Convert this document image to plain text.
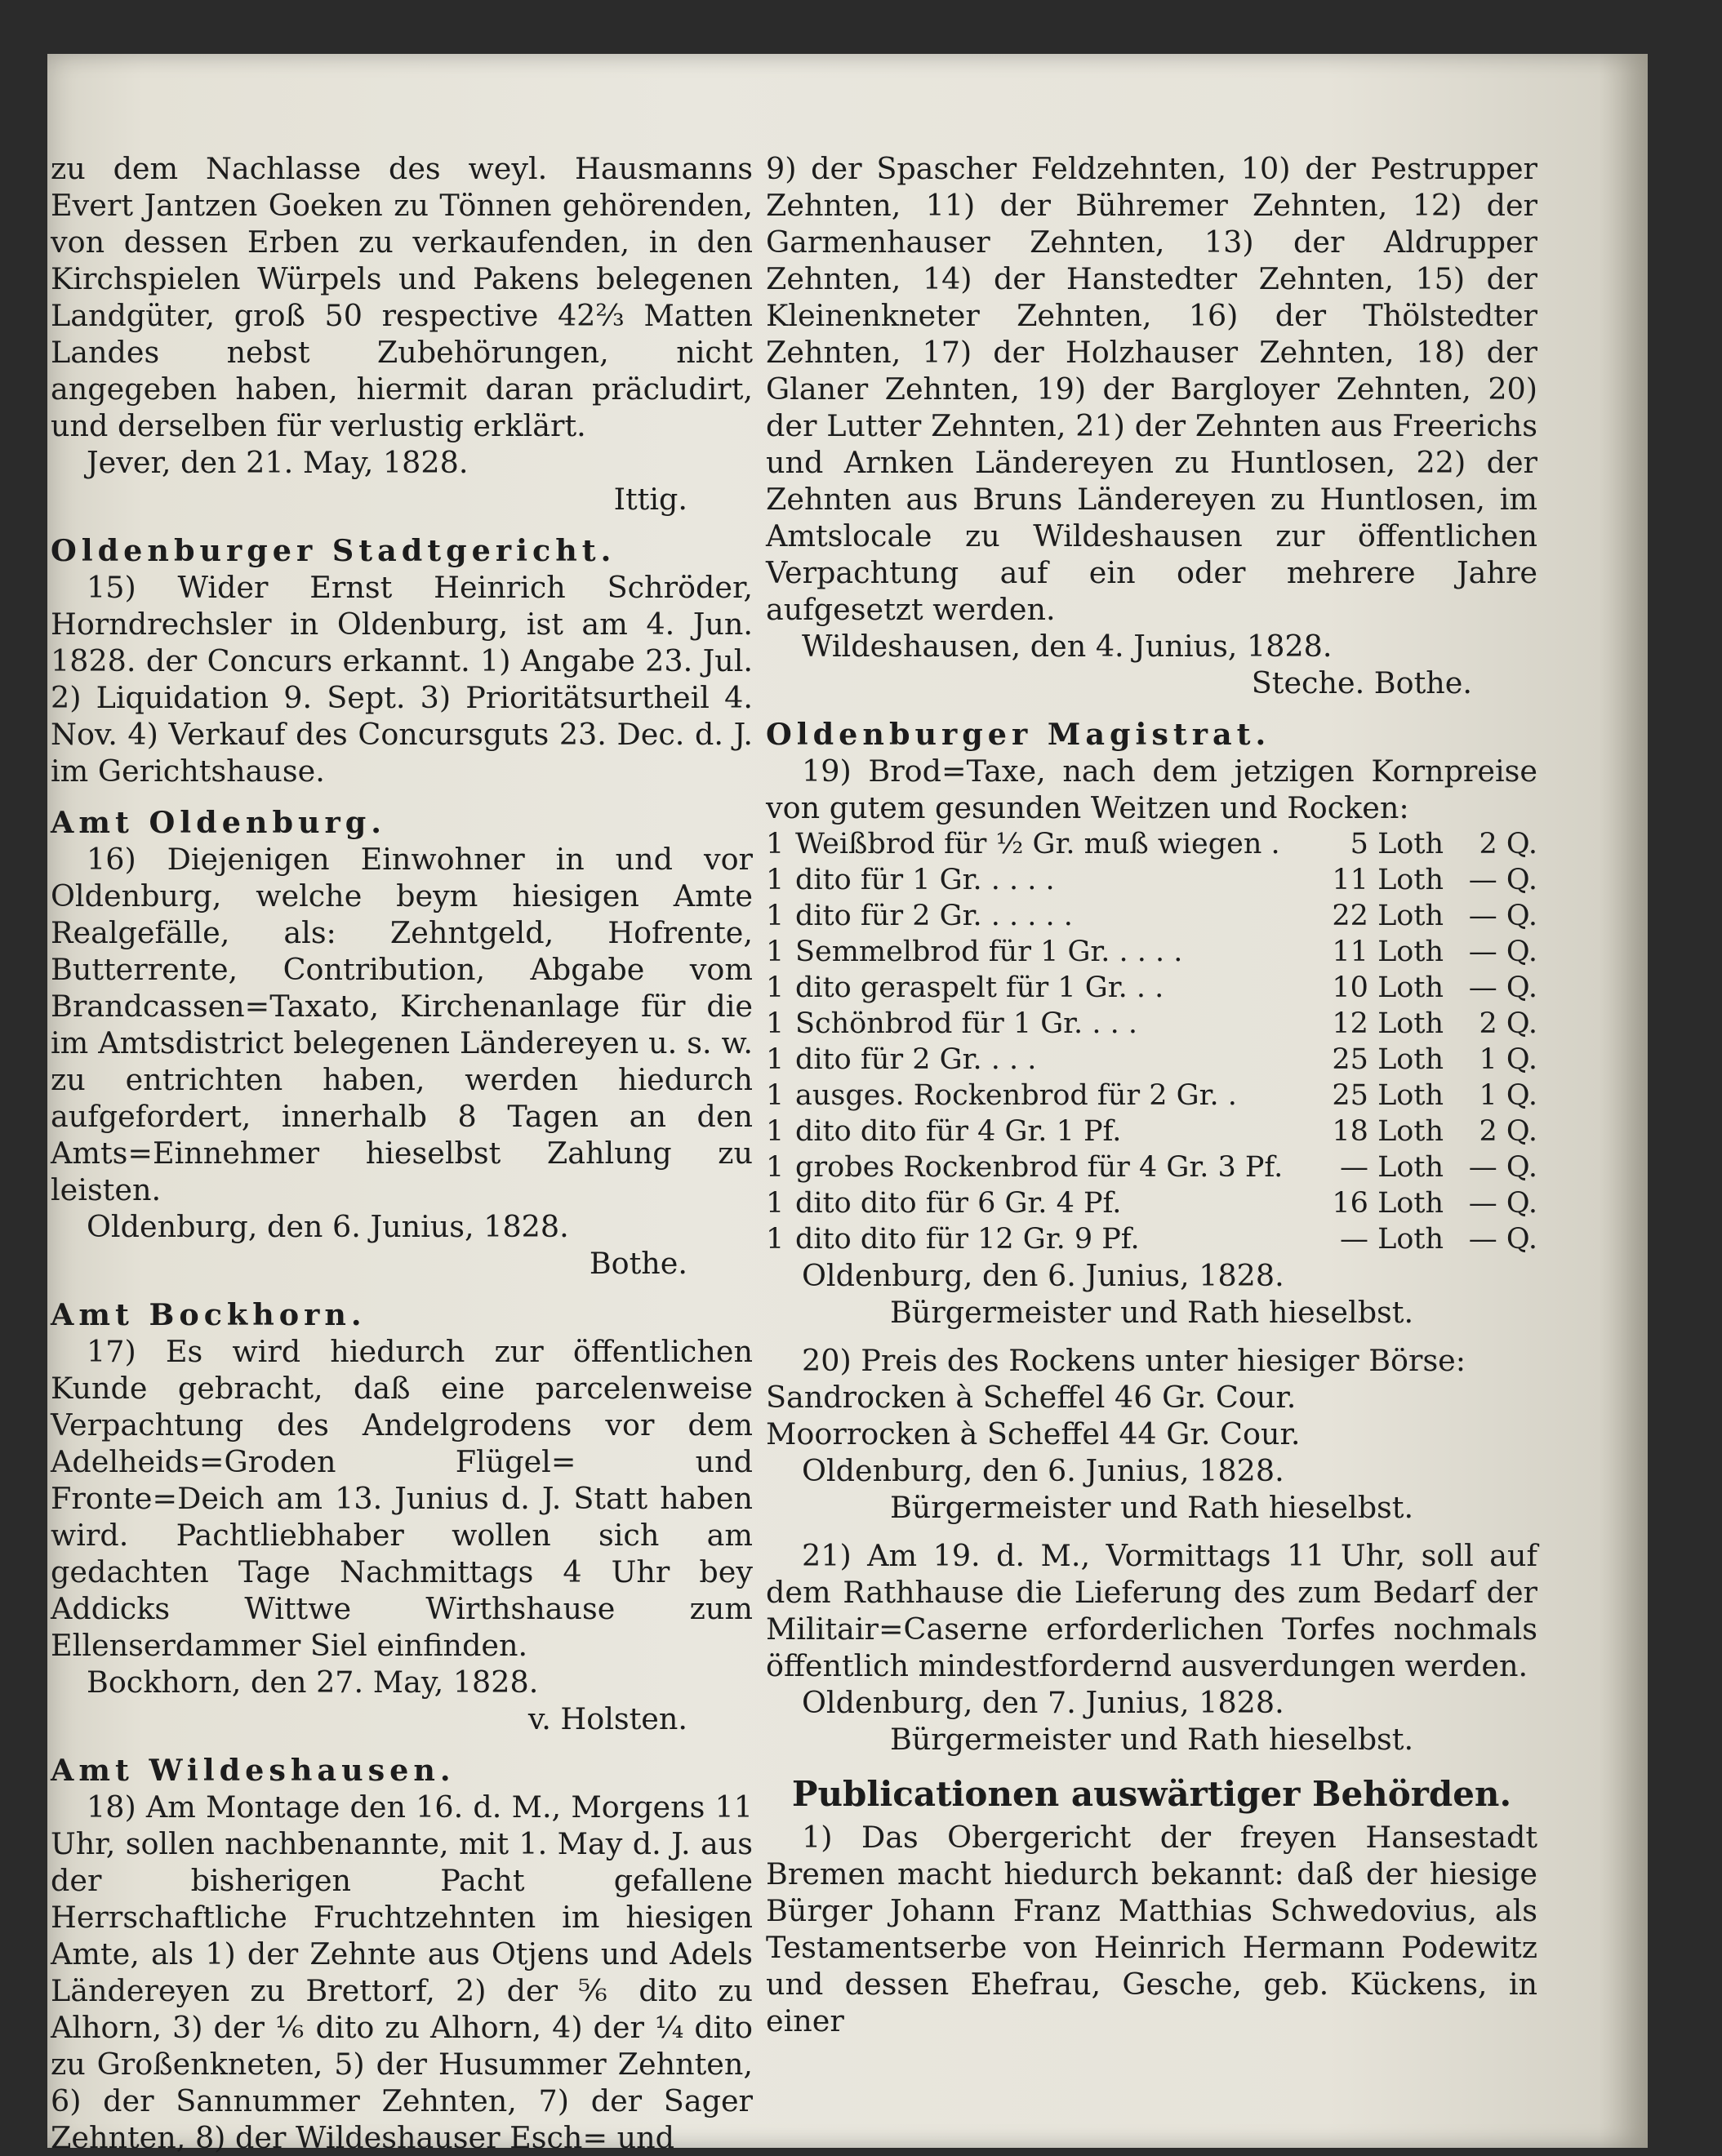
zu dem Nachlasse des weyl. Hausmanns Evert Jantzen Goeken zu Tönnen gehörenden, von dessen Erben zu verkaufenden, in den Kirchspielen Würpels und Pakens belegenen Landgüter, groß 50 respective 42⅔ Matten Landes nebst Zubehörungen, nicht angegeben haben, hiermit daran präcludirt, und derselben für verlustig erklärt.
Jever, den 21. May, 1828.
Ittig.
Oldenburger Stadtgericht.
15) Wider Ernst Heinrich Schröder, Horndrechsler in Oldenburg, ist am 4. Jun. 1828. der Concurs erkannt. 1) Angabe 23. Jul. 2) Liquidation 9. Sept. 3) Prioritätsurtheil 4. Nov. 4) Verkauf des Concursguts 23. Dec. d. J. im Gerichtshause.
Amt Oldenburg.
16) Diejenigen Einwohner in und vor Oldenburg, welche beym hiesigen Amte Realgefälle, als: Zehntgeld, Hofrente, Butterrente, Contribution, Abgabe vom Brandcassen=Taxato, Kirchenanlage für die im Amtsdistrict belegenen Ländereyen u. s. w. zu entrichten haben, werden hiedurch aufgefordert, innerhalb 8 Tagen an den Amts=Einnehmer hieselbst Zahlung zu leisten.
Oldenburg, den 6. Junius, 1828.
Bothe.
Amt Bockhorn.
17) Es wird hiedurch zur öffentlichen Kunde gebracht, daß eine parcelenweise Verpachtung des Andelgrodens vor dem Adelheids=Groden Flügel= und Fronte=Deich am 13. Junius d. J. Statt haben wird. Pachtliebhaber wollen sich am gedachten Tage Nachmittags 4 Uhr bey Addicks Wittwe Wirthshause zum Ellenserdammer Siel einfinden.
Bockhorn, den 27. May, 1828.
v. Holsten.
Amt Wildeshausen.
18) Am Montage den 16. d. M., Morgens 11 Uhr, sollen nachbenannte, mit 1. May d. J. aus der bisherigen Pacht gefallene Herrschaftliche Fruchtzehnten im hiesigen Amte, als 1) der Zehnte aus Otjens und Adels Ländereyen zu Brettorf, 2) der ⅚ dito zu Alhorn, 3) der ⅙ dito zu Alhorn, 4) der ¼ dito zu Großenkneten, 5) der Husummer Zehnten, 6) der Sannummer Zehnten, 7) der Sager Zehnten, 8) der Wildeshauser Esch= und
9) der Spascher Feldzehnten, 10) der Pestrupper Zehnten, 11) der Bühremer Zehnten, 12) der Garmenhauser Zehnten, 13) der Aldrupper Zehnten, 14) der Hanstedter Zehnten, 15) der Kleinenkneter Zehnten, 16) der Thölstedter Zehnten, 17) der Holzhauser Zehnten, 18) der Glaner Zehnten, 19) der Bargloyer Zehnten, 20) der Lutter Zehnten, 21) der Zehnten aus Freerichs und Arnken Ländereyen zu Huntlosen, 22) der Zehnten aus Bruns Ländereyen zu Huntlosen, im Amtslocale zu Wildeshausen zur öffentlichen Verpachtung auf ein oder mehrere Jahre aufgesetzt werden.
Wildeshausen, den 4. Junius, 1828.
Steche. Bothe.
Oldenburger Magistrat.
19) Brod=Taxe, nach dem jetzigen Kornpreise von gutem gesunden Weitzen und Rocken:
1 Weißbrod für ½ Gr. muß wiegen .	5 Loth	2 Q.
1 dito für 1 Gr. . . . .	11 Loth — Q.
1 dito für 2 Gr. . . . . .	22 Loth — Q.
1 Semmelbrod für 1 Gr. . . . .	11 Loth — Q.
1 dito geraspelt für 1 Gr. . .	10 Loth — Q.
1 Schönbrod für 1 Gr. . . .	12 Loth	2 Q.
1 dito für 2 Gr. . . .	25 Loth	1 Q.
1 ausges. Rockenbrod für 2 Gr. .	25 Loth	1 Q.
1 dito dito für 4 Gr. 1 Pf.	18 Loth	2 Q.
1 grobes Rockenbrod für 4 Gr. 3 Pf.	— Loth — Q.
1 dito dito für 6 Gr. 4 Pf.	16 Loth — Q.
1 dito dito für 12 Gr. 9 Pf.	— Loth — Q.
Oldenburg, den 6. Junius, 1828.
Bürgermeister und Rath hieselbst.
20) Preis des Rockens unter hiesiger Börse:
Sandrocken à Scheffel 46 Gr. Cour.
Moorrocken à Scheffel 44 Gr. Cour.
Oldenburg, den 6. Junius, 1828.
Bürgermeister und Rath hieselbst.
21) Am 19. d. M., Vormittags 11 Uhr, soll auf dem Rathhause die Lieferung des zum Bedarf der Militair=Caserne erforderlichen Torfes nochmals öffentlich mindestfordernd ausverdungen werden.
Oldenburg, den 7. Junius, 1828.
Bürgermeister und Rath hieselbst.
Publicationen auswärtiger Behörden.
1) Das Obergericht der freyen Hansestadt Bremen macht hiedurch bekannt: daß der hiesige Bürger Johann Franz Matthias Schwedovius, als Testamentserbe von Heinrich Hermann Podewitz und dessen Ehefrau, Gesche, geb. Kückens, in einer
